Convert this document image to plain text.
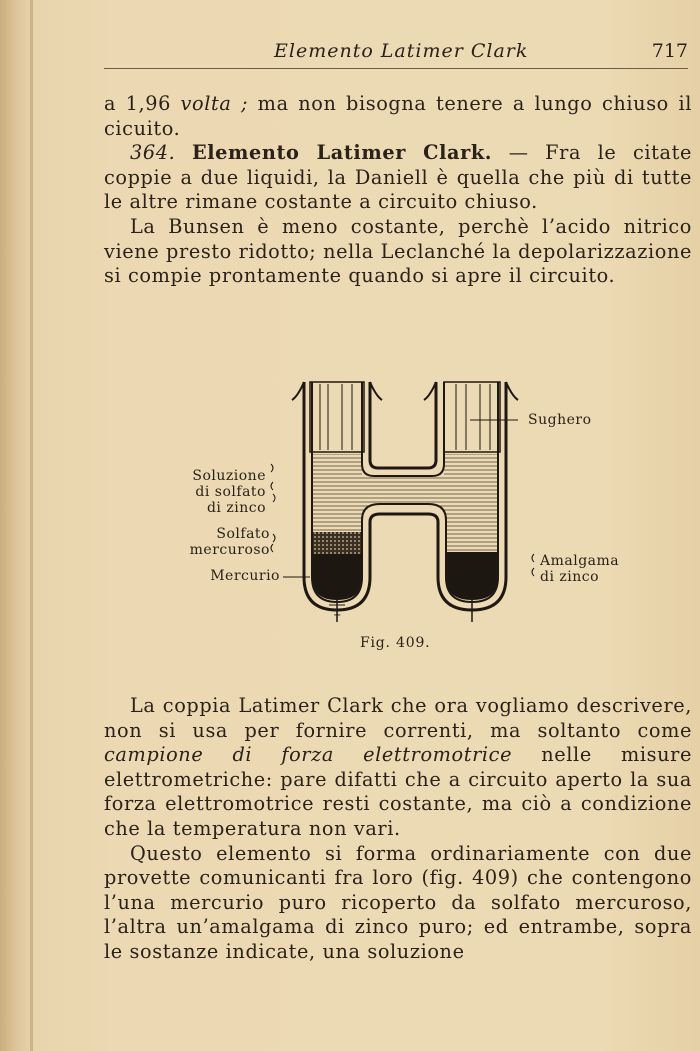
Elemento Latimer Clark	717

a 1,96 volta ; ma non bisogna tenere a lungo chiuso il cicuito.

364. Elemento Latimer Clark. — Fra le citate coppie a due liquidi, la Daniell è quella che più di tutte le altre rimane costante a circuito chiuso.

La Bunsen è meno costante, perchè l’acido nitrico viene presto ridotto; nella Leclanché la depolarizzazione si compie prontamente quando si apre il circuito.

+
Sughero
Soluzione
di solfato
di zinco
Solfato
mercuroso
Mercurio
Amalgama
di zinco
Fig. 409.

La coppia Latimer Clark che ora vogliamo descrivere, non si usa per fornire correnti, ma soltanto come campione di forza elettromotrice nelle misure elettrometriche: pare difatti che a circuito aperto la sua forza elettromotrice resti costante, ma ciò a condizione che la temperatura non vari.

Questo elemento si forma ordinariamente con due provette comunicanti fra loro (fig. 409) che contengono l’una mercurio puro ricoperto da solfato mercuroso, l’altra un’amalgama di zinco puro; ed entrambe, sopra le sostanze indicate, una soluzione
